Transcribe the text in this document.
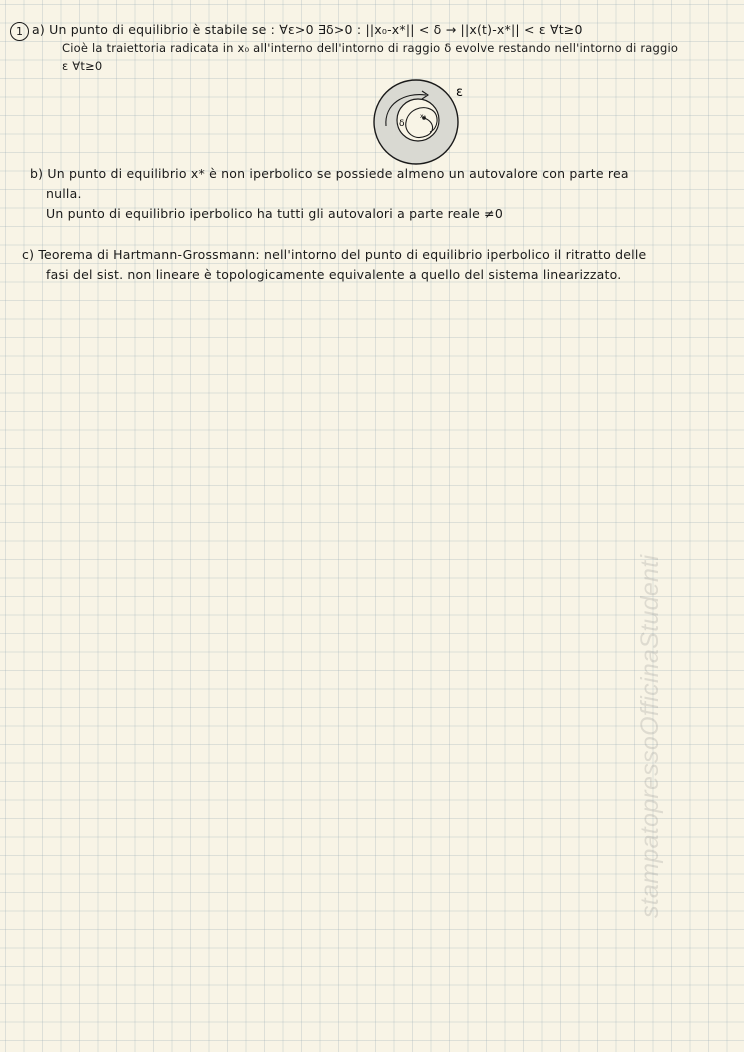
1 a) Un punto di equilibrio è stabile se : ∀ε>0 ∃δ>0 : ||x₀-x*|| < δ → ||x(t)-x*|| < ε ∀t≥0
Cioè la traiettoria radicata in x₀ all'interno dell'intorno di raggio δ evolve restando nell'intorno di raggio
ε ∀t≥0
x₀
δ
ε
b) Un punto di equilibrio x* è non iperbolico se possiede almeno un autovalore con parte rea
nulla.
Un punto di equilibrio iperbolico ha tutti gli autovalori a parte reale ≠0
c) Teorema di Hartmann-Grossmann: nell'intorno del punto di equilibrio iperbolico il ritratto delle
fasi del sist. non lineare è topologicamente equivalente a quello del sistema linearizzato.
stampatopressoOfficinaStudenti
